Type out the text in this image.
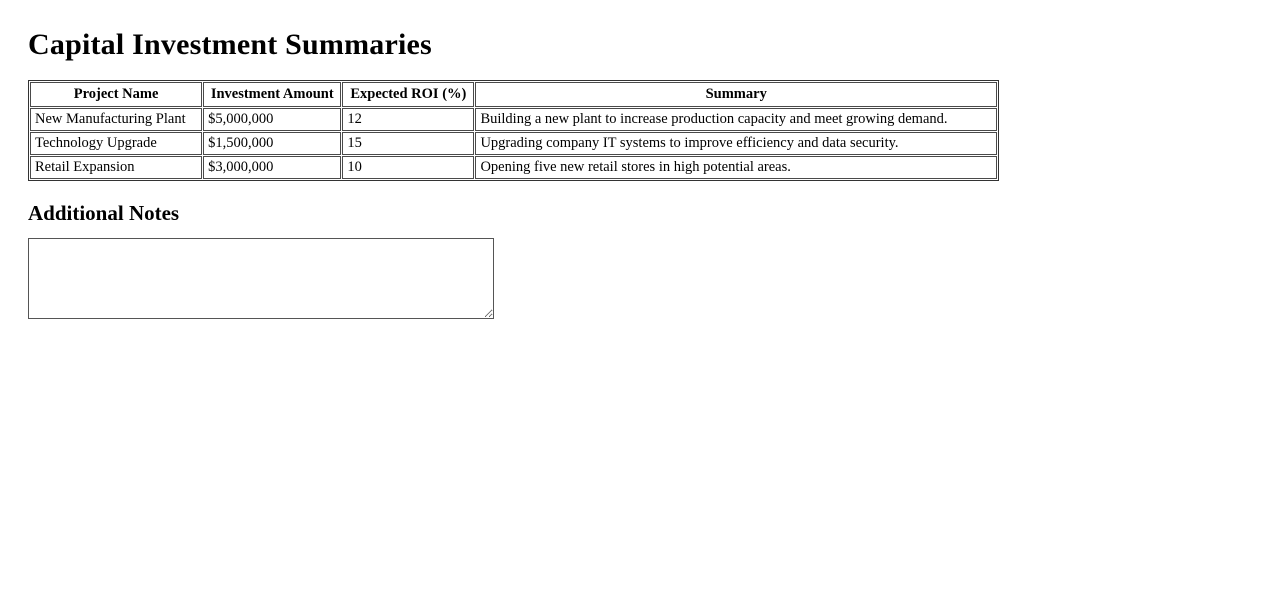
Capital Investment Summaries
Project Name	Investment Amount	Expected ROI (%)	Summary
New Manufacturing Plant	$5,000,000	12	Building a new plant to increase production capacity and meet growing demand.
Technology Upgrade	$1,500,000	15	Upgrading company IT systems to improve efficiency and data security.
Retail Expansion	$3,000,000	10	Opening five new retail stores in high potential areas.
Additional Notes
